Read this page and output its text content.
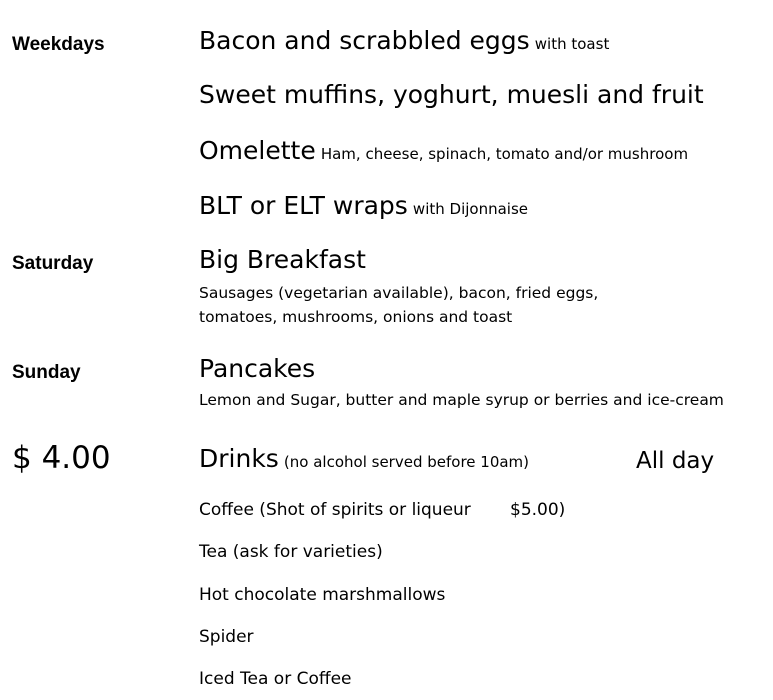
Weekdays	Bacon and scrabbled eggs with toast
Sweet muffins, yoghurt, muesli and fruit
Omelette Ham, cheese, spinach, tomato and/or mushroom
BLT or ELT wraps with Dijonnaise
Saturday	Big Breakfast
Sausages (vegetarian available), bacon, fried eggs,
tomatoes, mushrooms, onions and toast
Sunday	Pancakes
Lemon and Sugar, butter and maple syrup or berries and ice-cream
$ 4.00	Drinks (no alcohol served before 10am)	All day
Coffee (Shot of spirits or liqueur $5.00)
Tea (ask for varieties)
Hot chocolate marshmallows
Spider
Iced Tea or Coffee
